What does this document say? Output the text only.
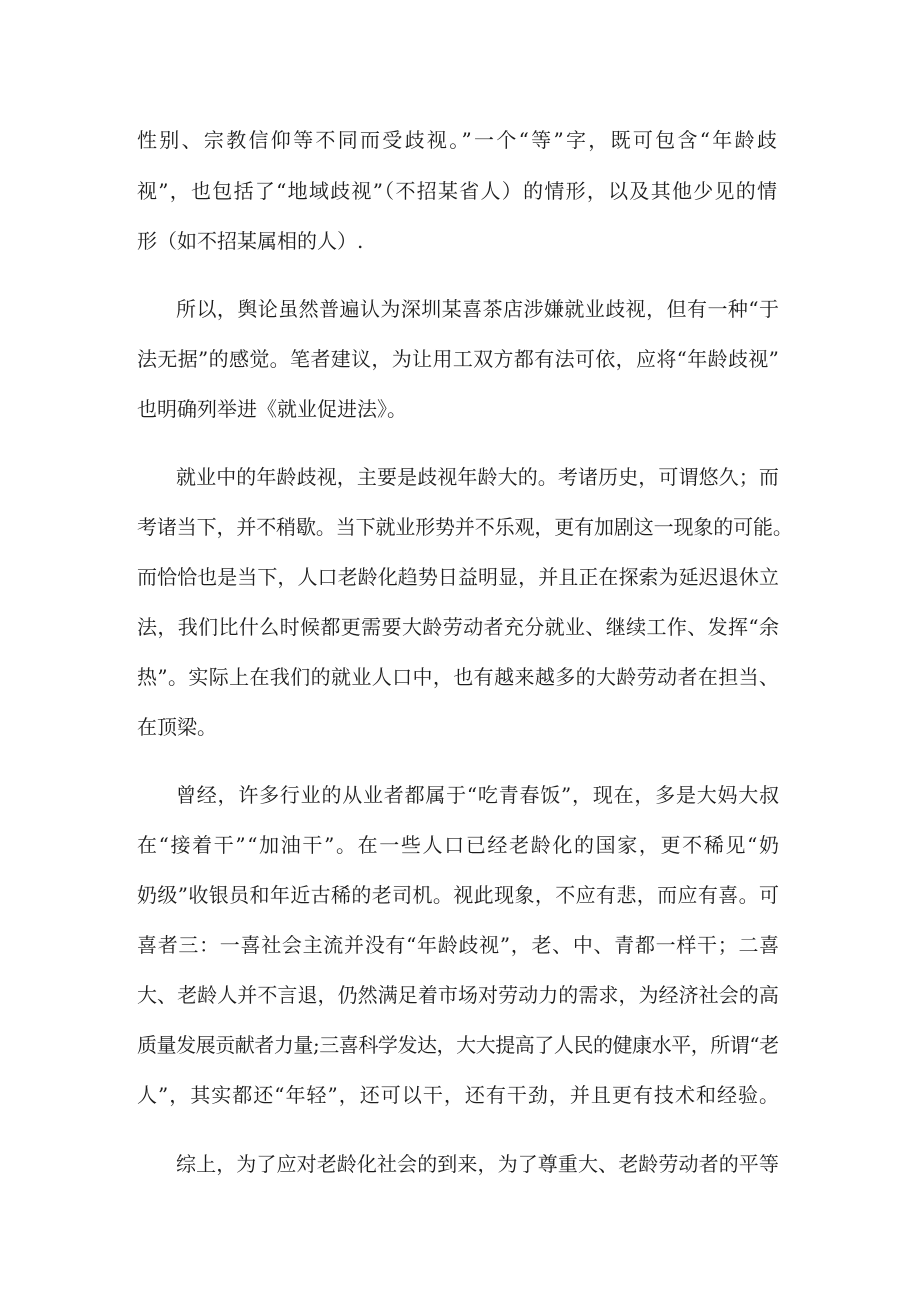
性别、宗教信仰等不同而受歧视。”一个“等”字，既可包含“年龄歧
视”，也包括了“地域歧视”（不招某省人）的情形，以及其他少见的情
形（如不招某属相的人）.
所以，舆论虽然普遍认为深圳某喜茶店涉嫌就业歧视，但有一种“于
法无据”的感觉。笔者建议，为让用工双方都有法可依，应将“年龄歧视”
也明确列举进《就业促进法》。
就业中的年龄歧视，主要是歧视年龄大的。考诸历史，可谓悠久；而
考诸当下，并不稍歇。当下就业形势并不乐观，更有加剧这一现象的可能。
而恰恰也是当下，人口老龄化趋势日益明显，并且正在探索为延迟退休立
法，我们比什么时候都更需要大龄劳动者充分就业、继续工作、发挥“余
热”。实际上在我们的就业人口中，也有越来越多的大龄劳动者在担当、
在顶梁。
曾经，许多行业的从业者都属于“吃青春饭”，现在，多是大妈大叔
在“接着干”“加油干”。在一些人口已经老龄化的国家，更不稀见“奶
奶级”收银员和年近古稀的老司机。视此现象，不应有悲，而应有喜。可
喜者三：一喜社会主流并没有“年龄歧视”，老、中、青都一样干；二喜
大、老龄人并不言退，仍然满足着市场对劳动力的需求，为经济社会的高
质量发展贡献者力量;三喜科学发达，大大提高了人民的健康水平，所谓“老
人”，其实都还“年轻”，还可以干，还有干劲，并且更有技术和经验。
综上，为了应对老龄化社会的到来，为了尊重大、老龄劳动者的平等
